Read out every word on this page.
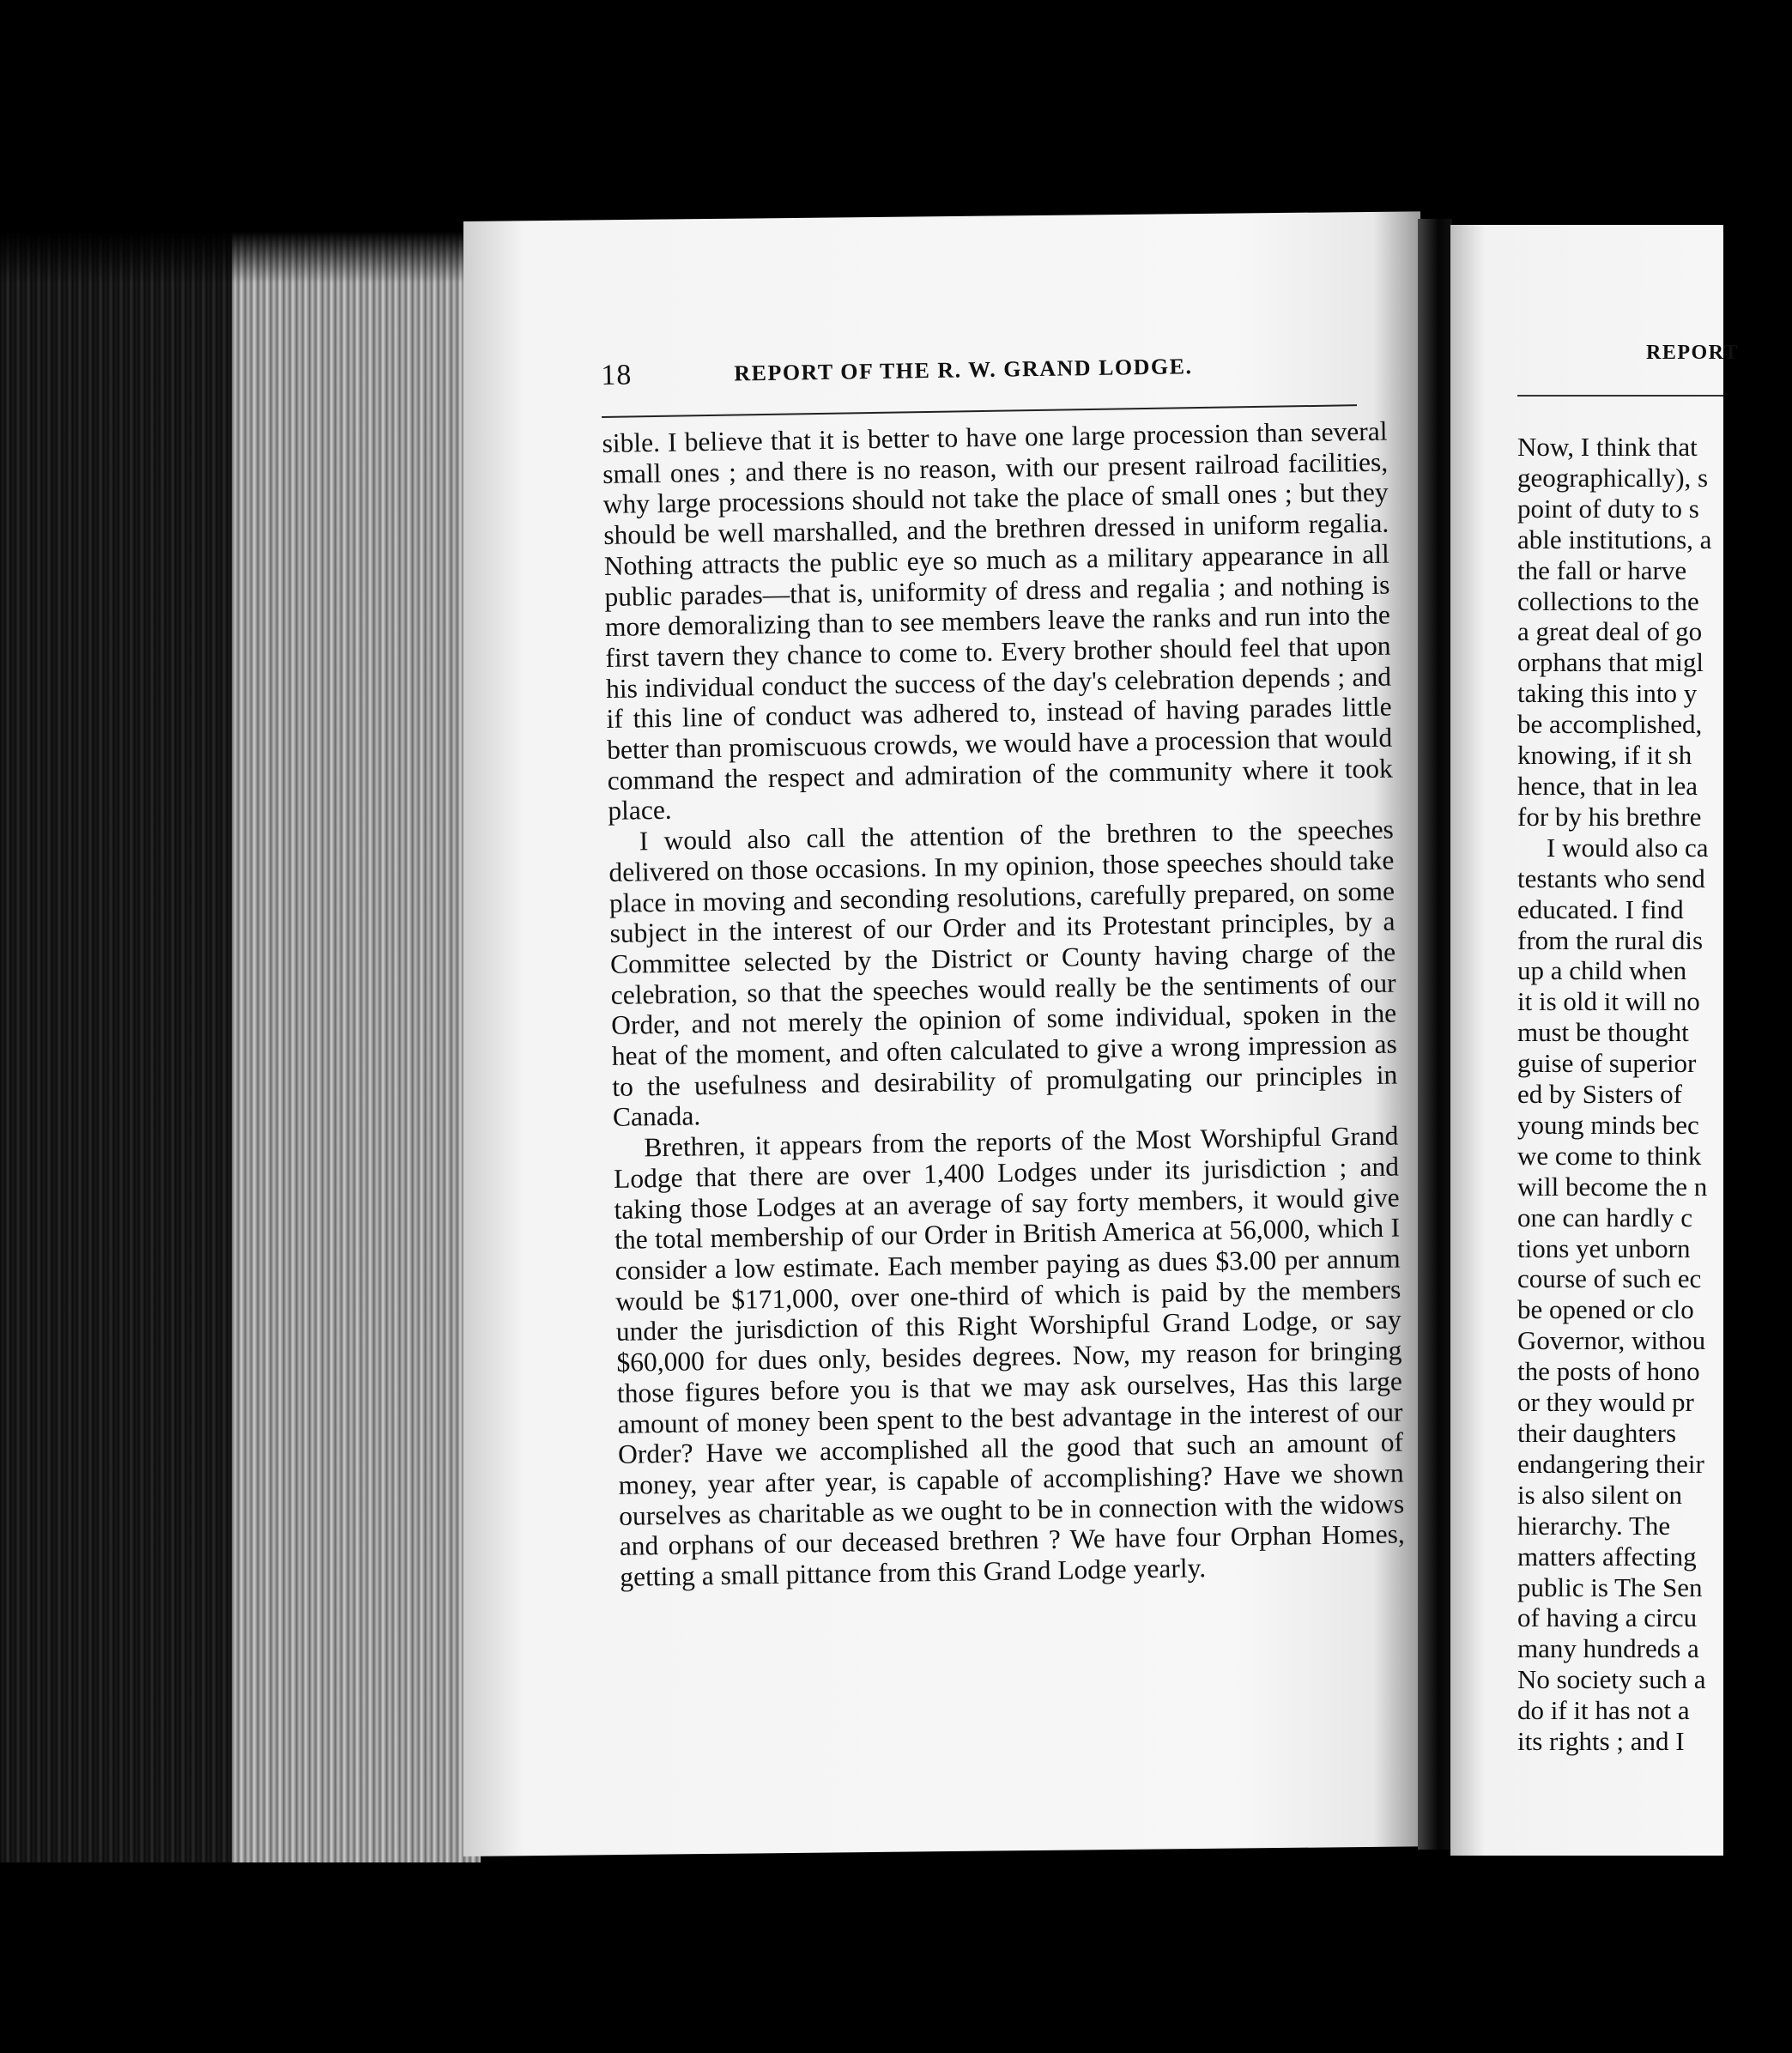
18	REPORT OF THE R. W. GRAND LODGE.

sible. I believe that it is better to have one large procession than several small ones ; and there is no reason, with our present railroad facilities, why large processions should not take the place of small ones ; but they should be well marshalled, and the brethren dressed in uniform regalia. Nothing attracts the public eye so much as a military appearance in all public parades—that is, uniformity of dress and regalia ; and nothing is more demoralizing than to see members leave the ranks and run into the first tavern they chance to come to. Every brother should feel that upon his individual conduct the success of the day's celebration depends ; and if this line of conduct was adhered to, instead of having parades little better than promiscuous crowds, we would have a procession that would command the respect and admiration of the community where it took place.

I would also call the attention of the brethren to the speeches delivered on those occasions. In my opinion, those speeches should take place in moving and seconding resolutions, carefully prepared, on some subject in the interest of our Order and its Protestant principles, by a Committee selected by the District or County having charge of the celebration, so that the speeches would really be the sentiments of our Order, and not merely the opinion of some individual, spoken in the heat of the moment, and often calculated to give a wrong impression as to the usefulness and desirability of promulgating our principles in Canada.

Brethren, it appears from the reports of the Most Worshipful Grand Lodge that there are over 1,400 Lodges under its jurisdiction ; and taking those Lodges at an average of say forty members, it would give the total membership of our Order in British America at 56,000, which I consider a low estimate. Each member paying as dues $3.00 per annum would be $171,000, over one-third of which is paid by the members under the jurisdiction of this Right Worshipful Grand Lodge, or say $60,000 for dues only, besides degrees. Now, my reason for bringing those figures before you is that we may ask ourselves, Has this large amount of money been spent to the best advantage in the interest of our Order? Have we accomplished all the good that such an amount of money, year after year, is capable of accomplishing? Have we shown ourselves as charitable as we ought to be in connection with the widows and orphans of our deceased brethren ? We have four Orphan Homes, getting a small pittance from this Grand Lodge yearly.

REPORT

Now, I think that

geographically), s

point of duty to s

able institutions, a

the fall or harve

collections to the

a great deal of go

orphans that migl

taking this into y

be accomplished,

knowing, if it sh

hence, that in lea

for by his brethre

I would also ca

testants who send

educated. I find

from the rural dis

up a child when

it is old it will no

must be thought

guise of superior

ed by Sisters of

young minds bec

we come to think

will become the n

one can hardly c

tions yet unborn

course of such ec

be opened or clo

Governor, withou

the posts of hono

or they would pr

their daughters

endangering their

is also silent on

hierarchy. The

matters affecting

public is The Sen

of having a circu

many hundreds a

No society such a

do if it has not a

its rights ; and I
